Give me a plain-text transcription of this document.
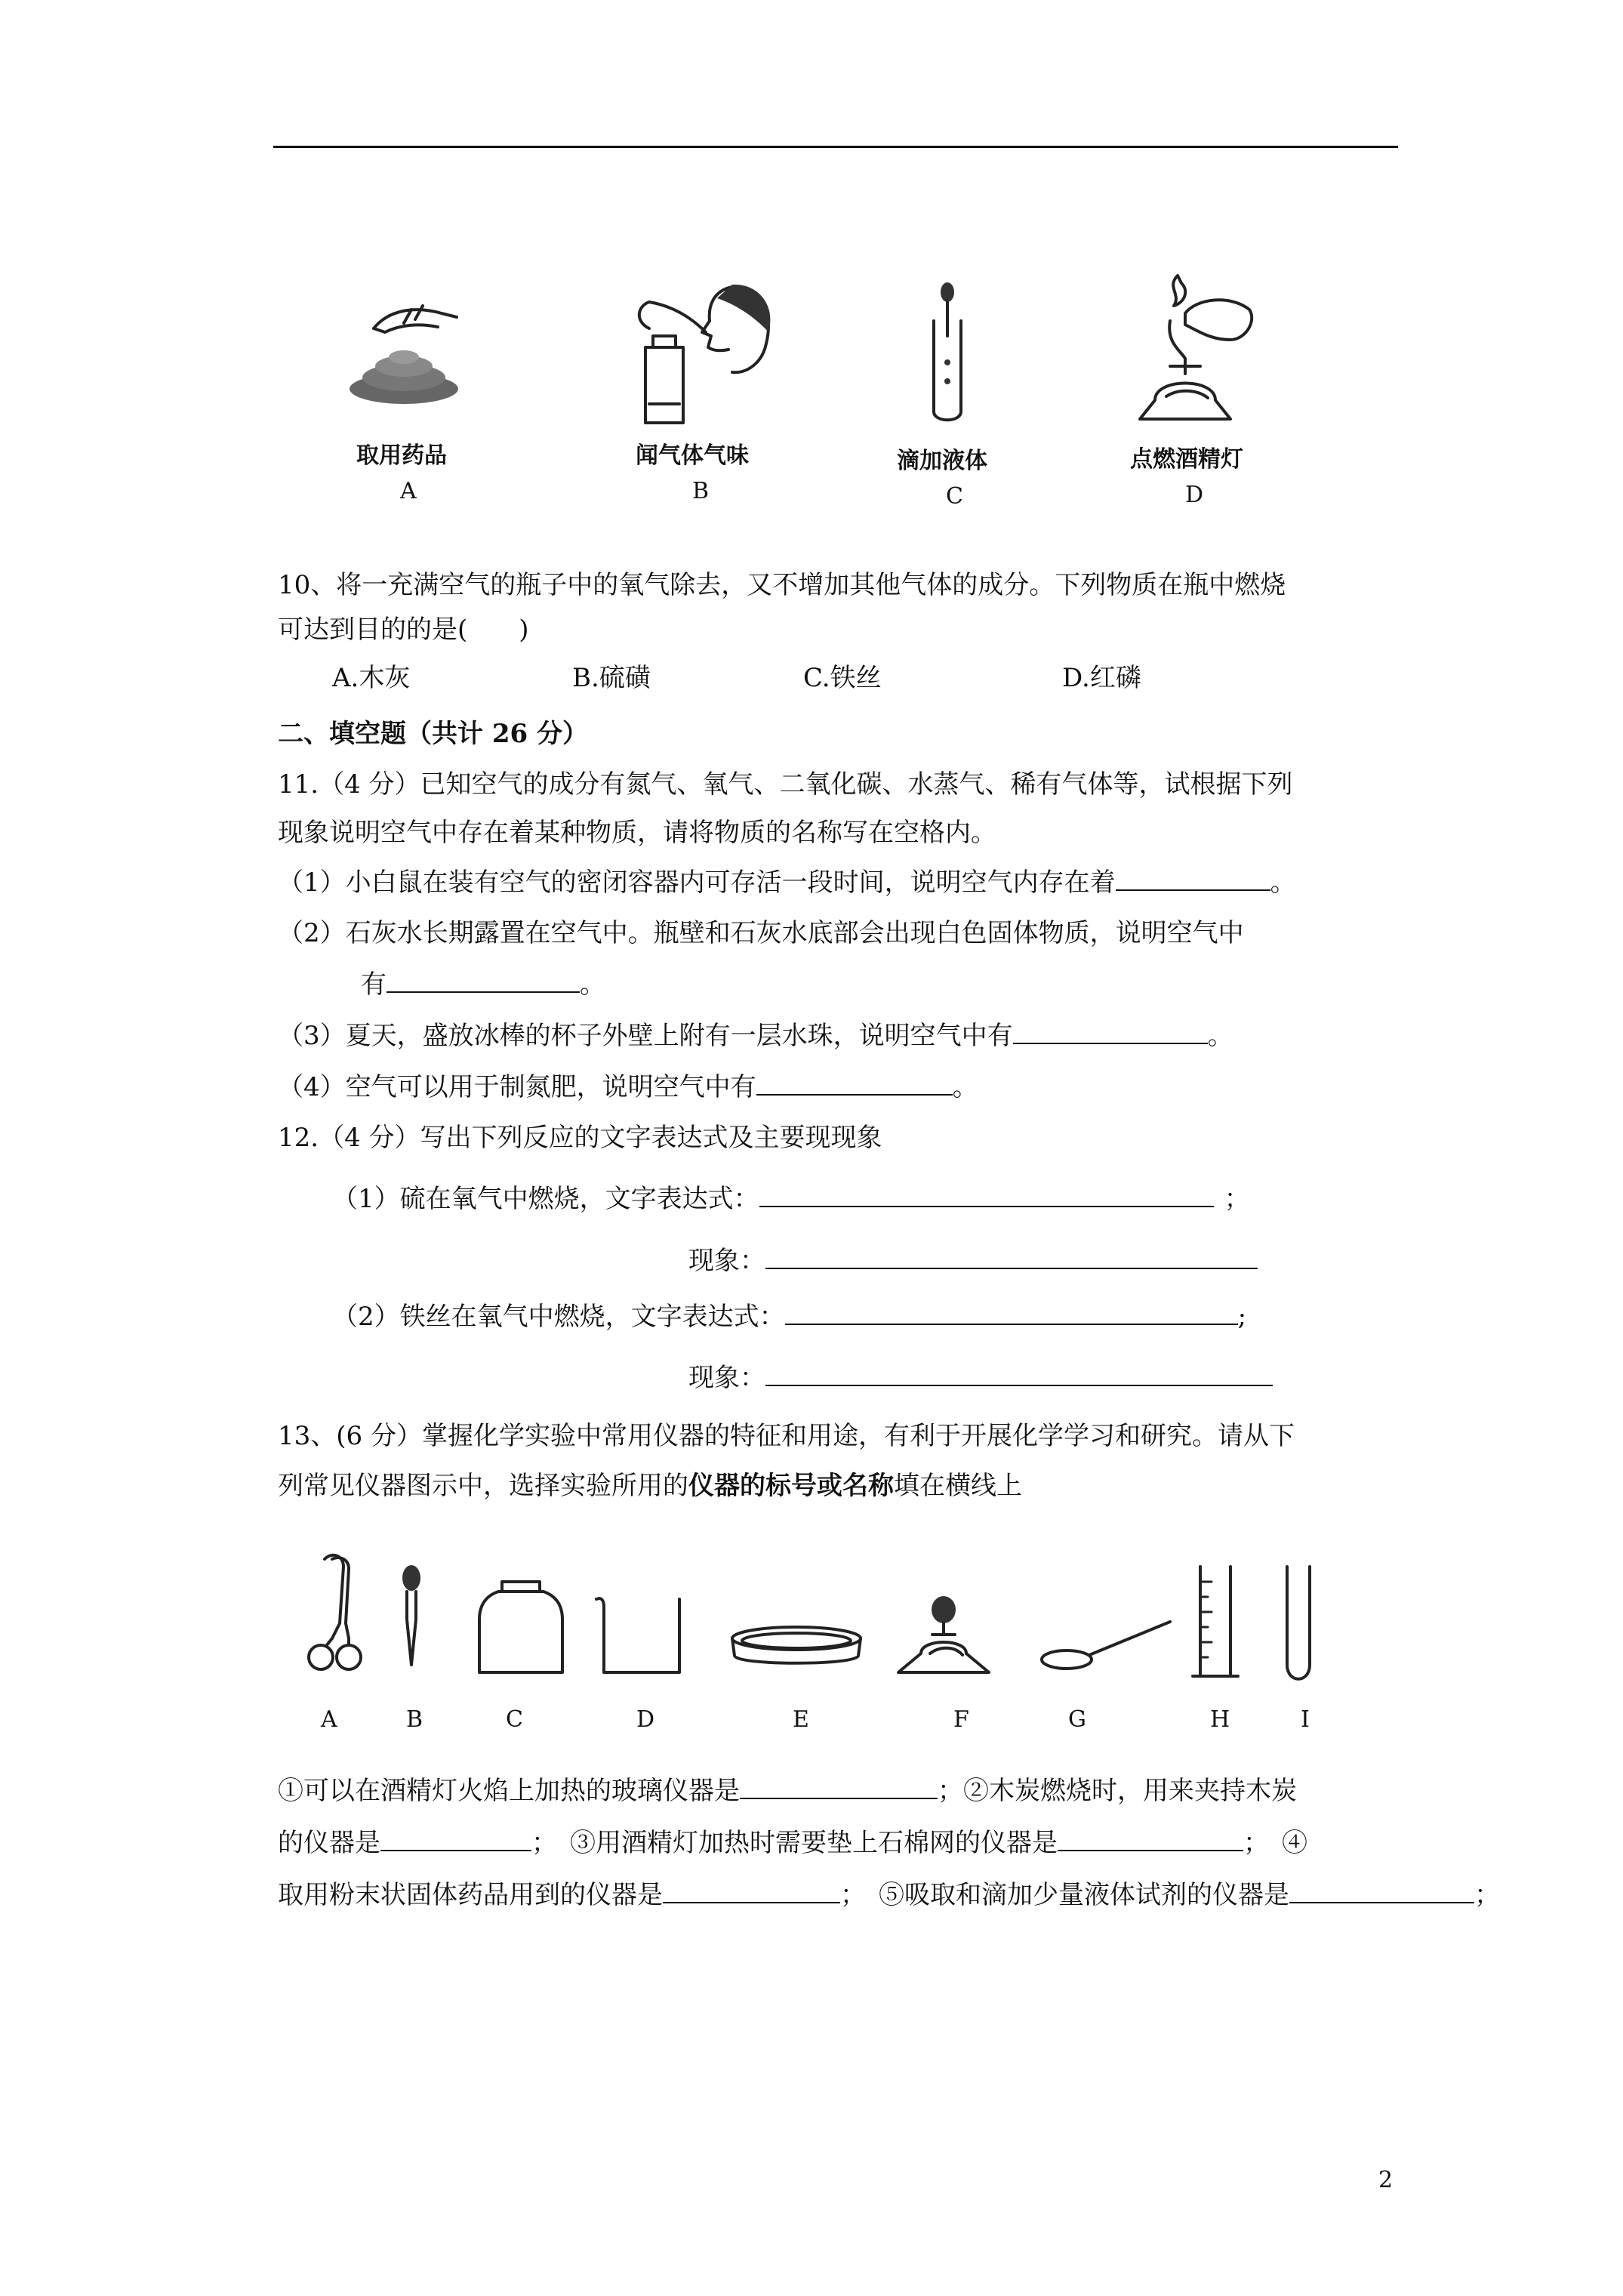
取用药品
A
闻气体气味
B
滴加液体
C
点燃酒精灯
D
10、将一充满空气的瓶子中的氧气除去，又不增加其他气体的成分。下列物质在瓶中燃烧
可达到目的的是(　　)
A.木灰	B.硫磺	C.铁丝	D.红磷
二、填空题（共计 26 分）
11.（4 分）已知空气的成分有氮气、氧气、二氧化碳、水蒸气、稀有气体等，试根据下列
现象说明空气中存在着某种物质，请将物质的名称写在空格内。
（1）小白鼠在装有空气的密闭容器内可存活一段时间，说明空气内存在着	。
（2）石灰水长期露置在空气中。瓶壁和石灰水底部会出现白色固体物质，说明空气中
有	。
（3）夏天，盛放冰棒的杯子外壁上附有一层水珠，说明空气中有	。
（4）空气可以用于制氮肥，说明空气中有	。
12.（4 分）写出下列反应的文字表达式及主要现现象
（1）硫在氧气中燃烧，文字表达式：	；
现象：
（2）铁丝在氧气中燃烧，文字表达式：	;
现象：
13、(6 分）掌握化学实验中常用仪器的特征和用途，有利于开展化学学习和研究。请从下
列常见仪器图示中，选择实验所用的仪器的标号或名称填在横线上
A	B	C	D	E	F	G	H	I
①可以在酒精灯火焰上加热的玻璃仪器是	；②木炭燃烧时，用来夹持木炭
的仪器是	；　③用酒精灯加热时需要垫上石棉网的仪器是	；　④
取用粉末状固体药品用到的仪器是	；　⑤吸取和滴加少量液体试剂的仪器是	；
2
